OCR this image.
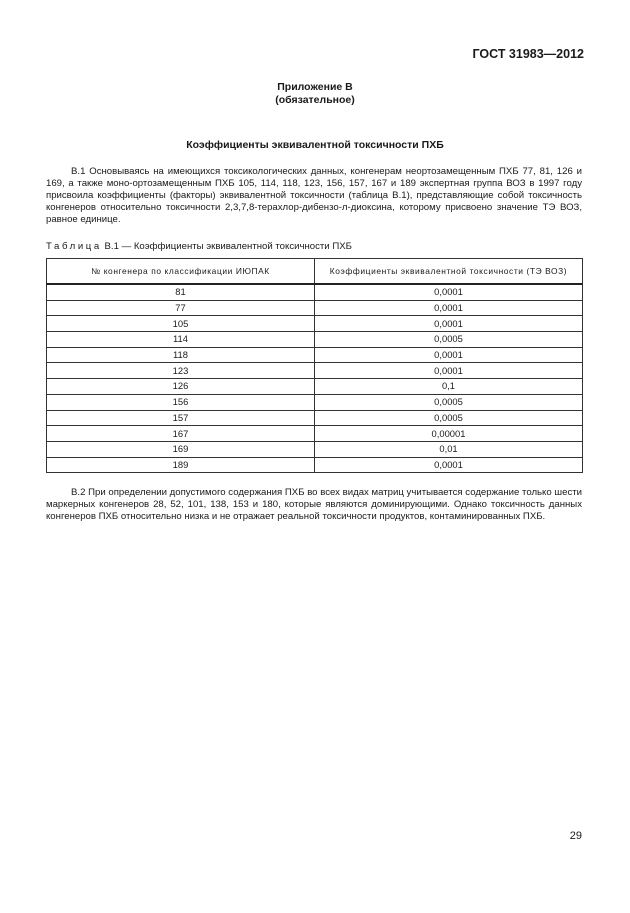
ГОСТ 31983—2012
Приложение В
(обязательное)
Коэффициенты эквивалентной токсичности ПХБ

В.1 Основываясь на имеющихся токсикологических данных, конгенерам неортозамещенным ПХБ 77, 81, 126 и 169, а также моно-ортозамещенным ПХБ 105, 114, 118, 123, 156, 157, 167 и 189 экспертная группа ВОЗ в 1997 году присвоила коэффициенты (факторы) эквивалентной токсичности (таблица В.1), представляющие собой токсичность конгенеров относительно токсичности 2,3,7,8-терахлор-дибензо-л-диоксина, которому присвоено значение ТЭ ВОЗ, равное единице.

Таблица В.1 — Коэффициенты эквивалентной токсичности ПХБ
№ конгенера по классификации ИЮПАК	Коэффициенты эквивалентной токсичности (ТЭ ВОЗ)
81	0,0001
77	0,0001
105	0,0001
114	0,0005
118	0,0001
123	0,0001
126	0,1
156	0,0005
157	0,0005
167	0,00001
169	0,01
189	0,0001

В.2 При определении допустимого содержания ПХБ во всех видах матриц учитывается содержание только шести маркерных конгенеров 28, 52, 101, 138, 153 и 180, которые являются доминирующими. Однако токсичность данных конгенеров ПХБ относительно низка и не отражает реальной токсичности продуктов, контаминированных ПХБ.

29
